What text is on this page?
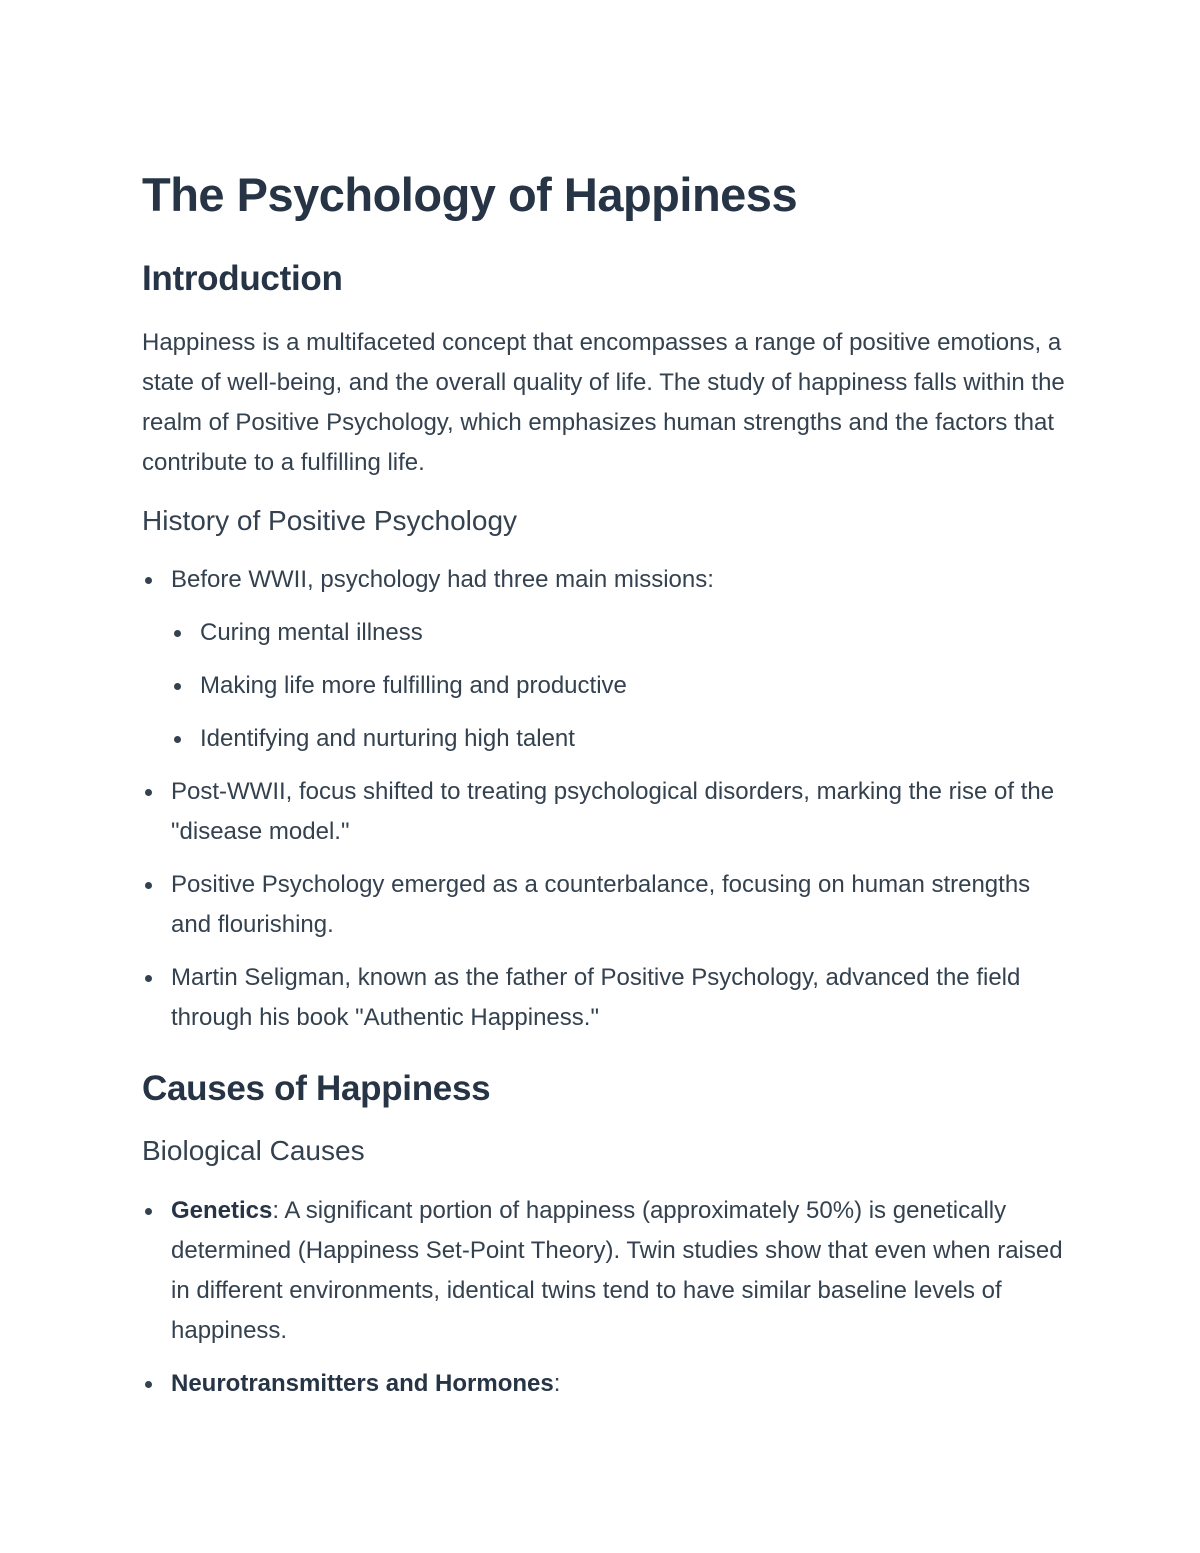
The Psychology of Happiness
Introduction

Happiness is a multifaceted concept that encompasses a range of positive emotions, a state of well-being, and the overall quality of life. The study of happiness falls within the realm of Positive Psychology, which emphasizes human strengths and the factors that contribute to a fulfilling life.

History of Positive Psychology
Before WWII, psychology had three main missions:
Curing mental illness
Making life more fulfilling and productive
Identifying and nurturing high talent
Post-WWII, focus shifted to treating psychological disorders, marking the rise of the "disease model."
Positive Psychology emerged as a counterbalance, focusing on human strengths and flourishing.
Martin Seligman, known as the father of Positive Psychology, advanced the field through his book "Authentic Happiness."
Causes of Happiness
Biological Causes
Genetics: A significant portion of happiness (approximately 50%) is genetically determined (Happiness Set-Point Theory). Twin studies show that even when raised in different environments, identical twins tend to have similar baseline levels of happiness.
Neurotransmitters and Hormones:
